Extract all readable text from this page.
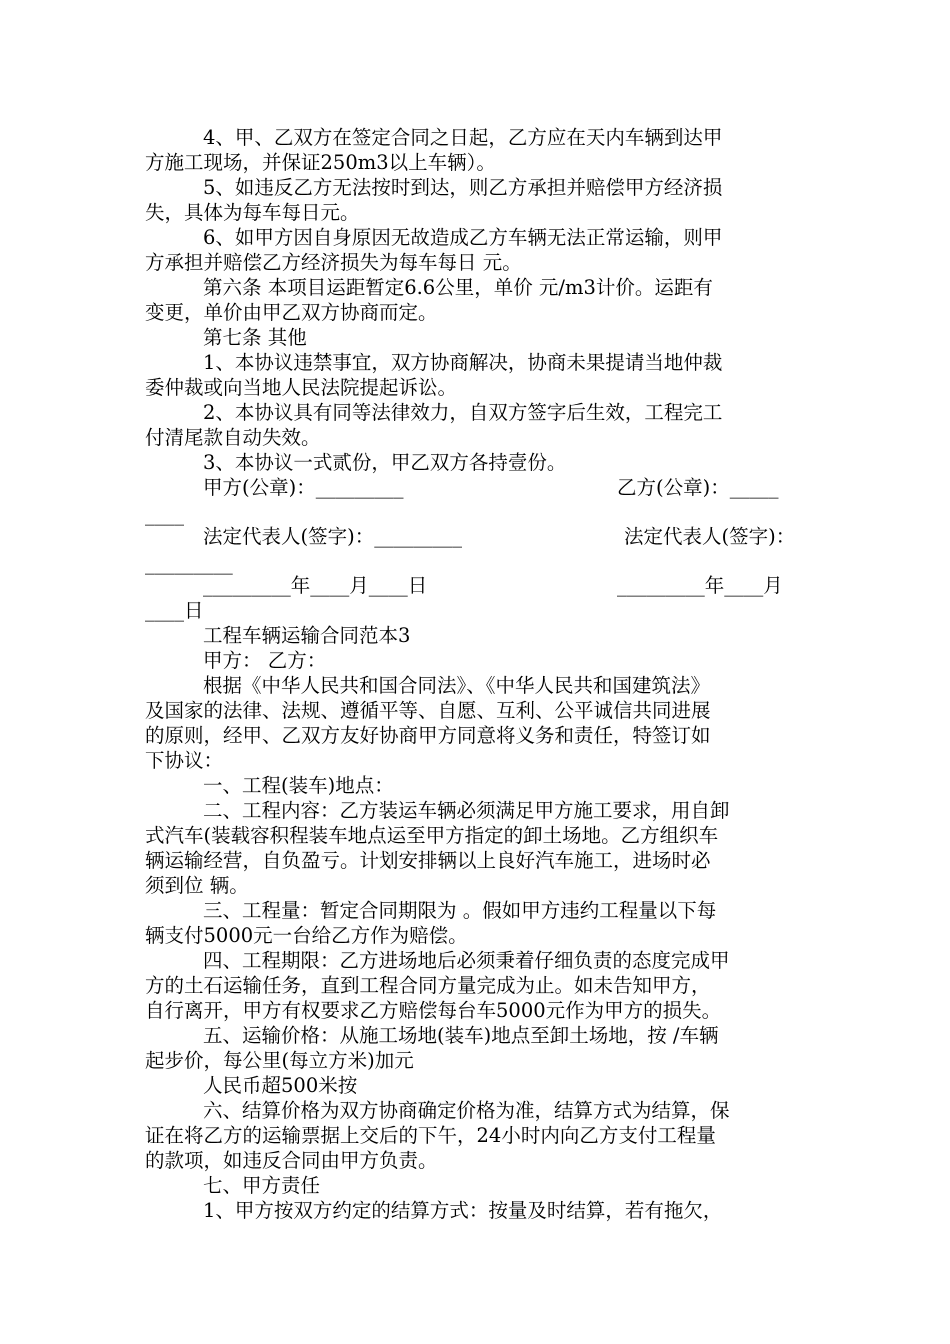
4、甲、乙双方在签定合同之日起，乙方应在天内车辆到达甲
方施工现场，并保证250m3以上车辆）。
5、如违反乙方无法按时到达，则乙方承担并赔偿甲方经济损
失，具体为每车每日元。
6、如甲方因自身原因无故造成乙方车辆无法正常运输，则甲
方承担并赔偿乙方经济损失为每车每日 元。
第六条 本项目运距暂定6.6公里，单价 元/m3计价。运距有
变更，单价由甲乙双方协商而定。
第七条 其他
1、本协议违禁事宜，双方协商解决，协商未果提请当地仲裁
委仲裁或向当地人民法院提起诉讼。
2、本协议具有同等法律效力，自双方签字后生效，工程完工
付清尾款自动失效。
3、本协议一式贰份，甲乙双方各持壹份。
甲方(公章)：_________	乙方(公章)：_____
____
法定代表人(签字)：_________	法定代表人(签字)：
_________
_________年____月____日	_________年____月
____日
工程车辆运输合同范本3
甲方： 乙方：
根据《中华人民共和国合同法》、《中华人民共和国建筑法》
及国家的法律、法规、遵循平等、自愿、互利、公平诚信共同进展
的原则，经甲、乙双方友好协商甲方同意将义务和责任，特签订如
下协议：
一、工程(装车)地点：
二、工程内容：乙方装运车辆必须满足甲方施工要求，用自卸
式汽车(装载容积程装车地点运至甲方指定的卸土场地。乙方组织车
辆运输经营，自负盈亏。计划安排辆以上良好汽车施工，进场时必
须到位 辆。
三、工程量：暂定合同期限为 。假如甲方违约工程量以下每
辆支付5000元一台给乙方作为赔偿。
四、工程期限：乙方进场地后必须秉着仔细负责的态度完成甲
方的土石运输任务，直到工程合同方量完成为止。如未告知甲方，
自行离开，甲方有权要求乙方赔偿每台车5000元作为甲方的损失。
五、运输价格：从施工场地(装车)地点至卸土场地，按 /车辆
起步价，每公里(每立方米)加元
人民币超500米按
六、结算价格为双方协商确定价格为准，结算方式为结算，保
证在将乙方的运输票据上交后的下午，24小时内向乙方支付工程量
的款项，如违反合同由甲方负责。
七、甲方责任
1、甲方按双方约定的结算方式：按量及时结算，若有拖欠，
